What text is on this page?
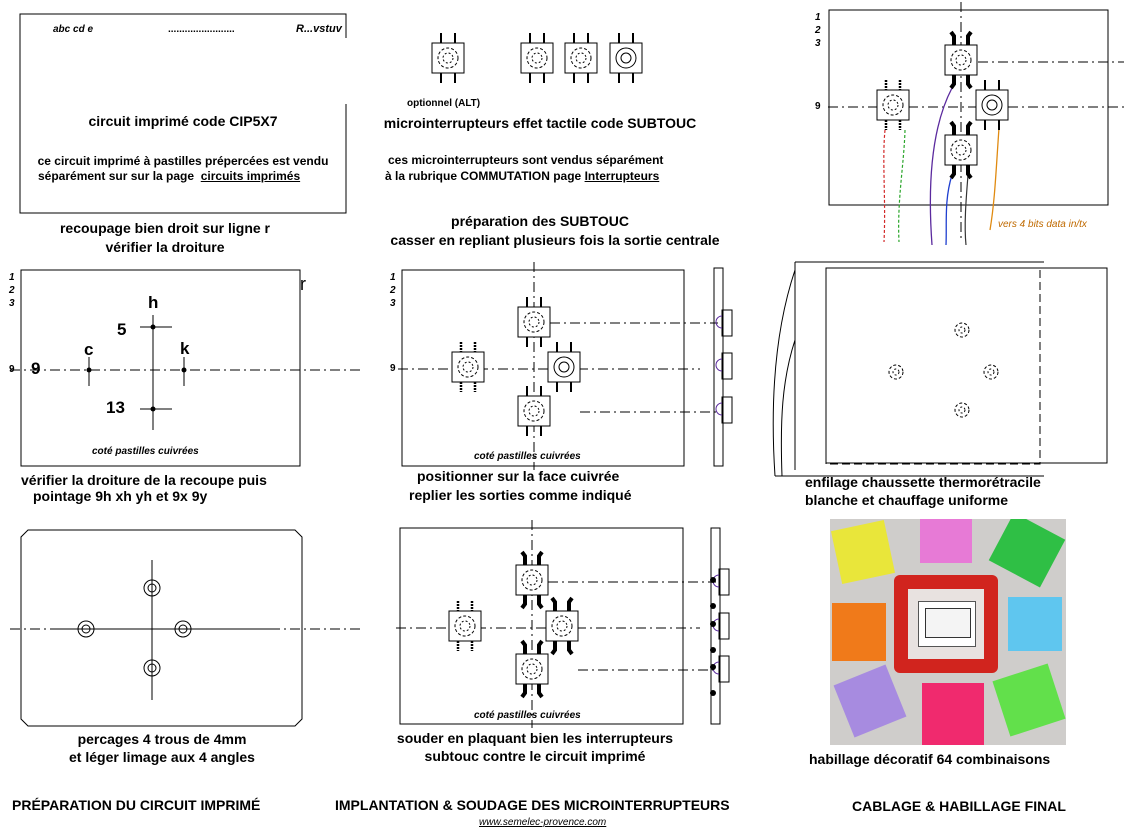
abc cd e	........................	R...vstuv
circuit imprimé code CIP5X7
ce circuit imprimé à pastilles prépercées est vendu
séparément sur sur la page circuits imprimés
recoupage bien droit sur ligne r
vérifier la droiture
optionnel (ALT)
microinterrupteurs effet tactile code SUBTOUC
ces microinterrupteurs sont vendus séparément
à la rubrique COMMUTATION page Interrupteurs
préparation des SUBTOUC
casser en repliant plusieurs fois la sortie centrale
1
2
3
9
vers 4 bits data in/tx
1
2
3
9
r
9
h
5
c	k
13
coté pastilles cuivrées
vérifier la droiture de la recoupe puis
pointage 9h xh yh et 9x 9y
1
2
3
9
coté pastilles cuivrées
positionner sur la face cuivrée
replier les sorties comme indiqué
enfilage chaussette thermorétracile
blanche et chauffage uniforme
percages 4 trous de 4mm
et léger limage aux 4 angles
coté pastilles cuivrées
souder en plaquant bien les interrupteurs
subtouc contre le circuit imprimé	habillage décoratif 64 combinaisons
PRÉPARATION DU CIRCUIT IMPRIMÉ	IMPLANTATION & SOUDAGE DES MICROINTERRUPTEURS	CABLAGE & HABILLAGE FINAL
www.semelec-provence.com
